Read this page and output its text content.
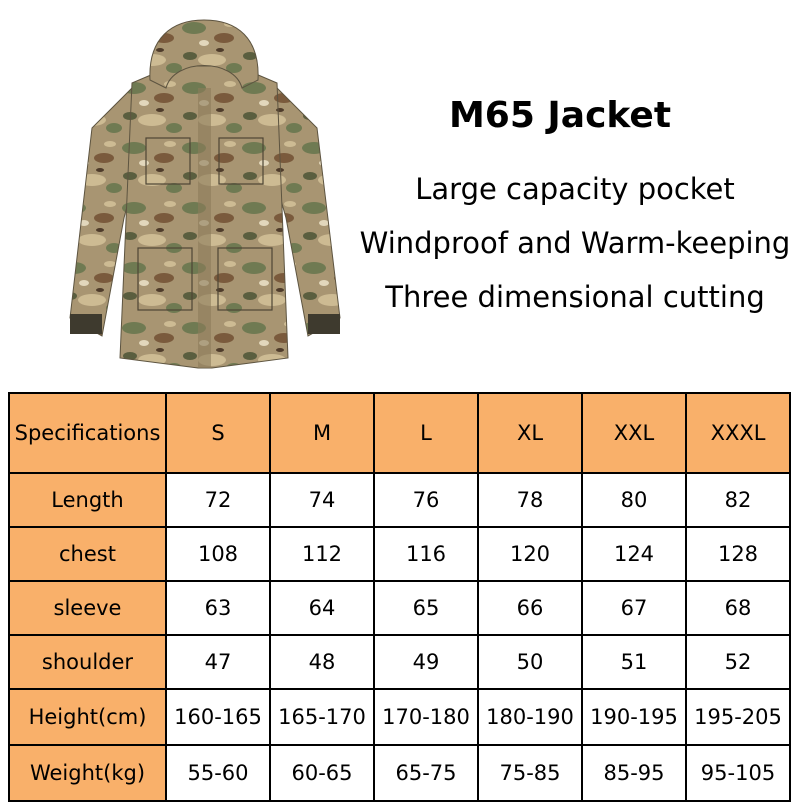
M65 Jacket
Large capacity pocket
Windproof and Warm-keeping
Three dimensional cutting
Specifications	S	M	L	XL	XXL	XXXL
Length	72	74	76	78	80	82
chest	108	112	116	120	124	128
sleeve	63	64	65	66	67	68
shoulder	47	48	49	50	51	52
Height(cm)	160-165	165-170	170-180	180-190	190-195	195-205
Weight(kg)	55-60	60-65	65-75	75-85	85-95	95-105
